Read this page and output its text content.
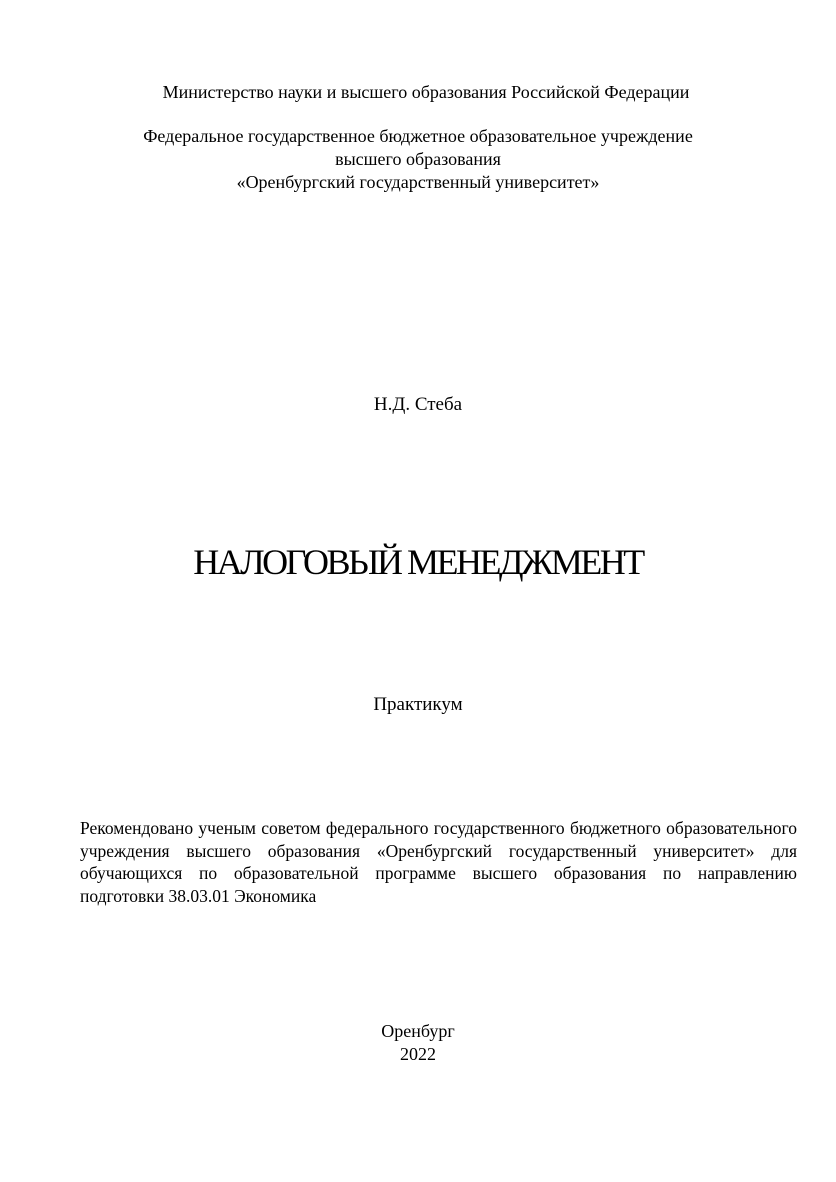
Министерство науки и высшего образования Российской Федерации
Федеральное государственное бюджетное образовательное учреждение
высшего образования
«Оренбургский государственный университет»
Н.Д. Стеба
НАЛОГОВЫЙ МЕНЕДЖМЕНТ
Практикум
Рекомендовано ученым советом федерального государственного бюджетного образовательного учреждения высшего образования «Оренбургский государственный университет» для обучающихся по образовательной программе высшего образования по направлению подготовки 38.03.01 Экономика
Оренбург
2022
